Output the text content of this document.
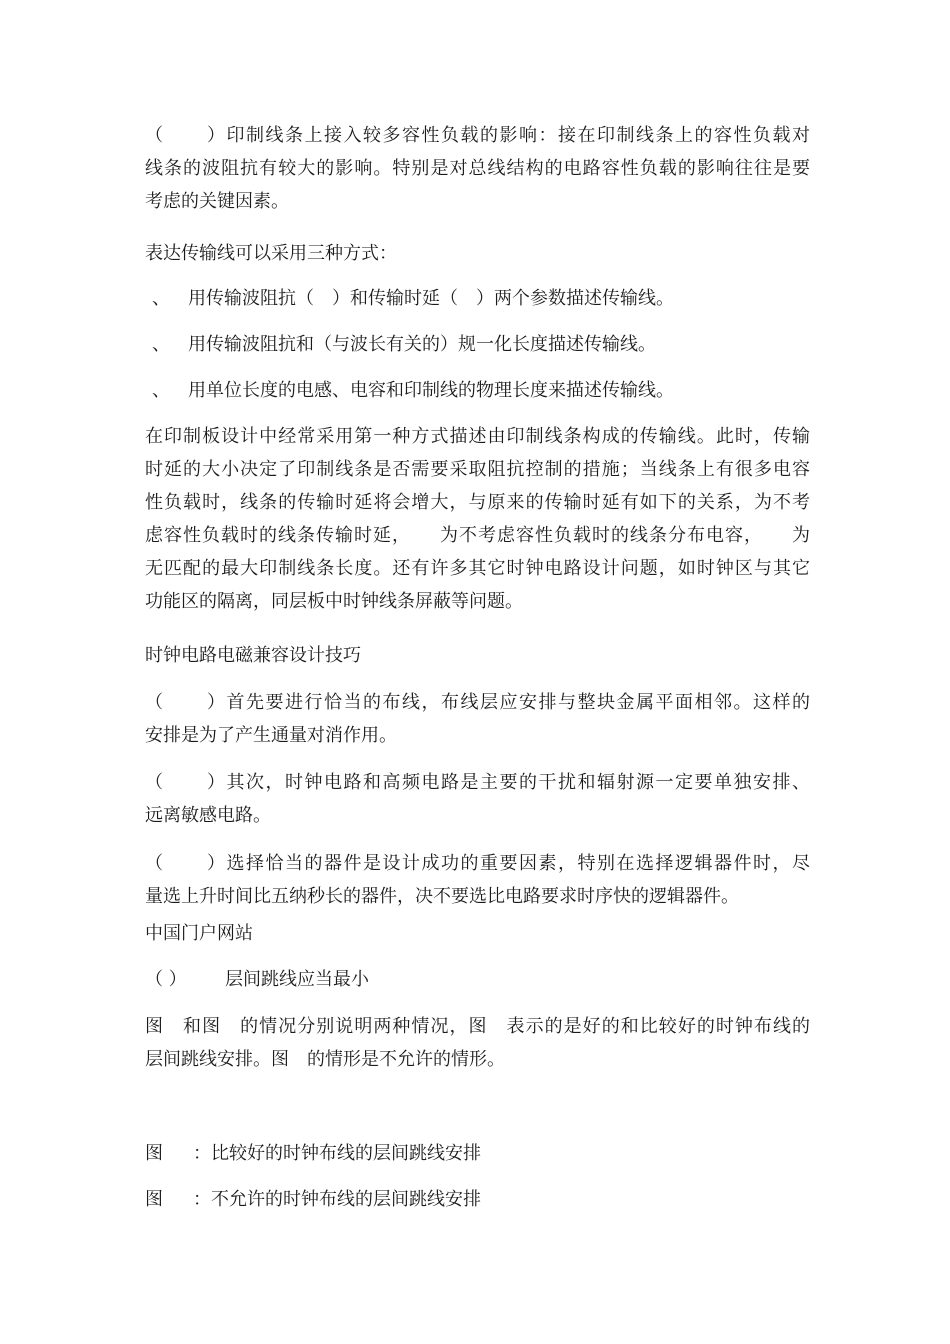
（ ）印制线条上接入较多容性负载的影响：接在印制线条上的容性负载对
线条的波阻抗有较大的影响。特别是对总线结构的电路容性负载的影响往往是要
考虑的关键因素。
表达传输线可以采用三种方式：
、 用传输波阻抗（　）和传输时延（　）两个参数描述传输线。
、 用传输波阻抗和（与波长有关的）规一化长度描述传输线。
、 用单位长度的电感、电容和印制线的物理长度来描述传输线。
在印制板设计中经常采用第一种方式描述由印制线条构成的传输线。此时，传输
时延的大小决定了印制线条是否需要采取阻抗控制的措施；当线条上有很多电容
性负载时，线条的传输时延将会增大，与原来的传输时延有如下的关系，为不考
虑容性负载时的线条传输时延，　　为不考虑容性负载时的线条分布电容，　　为
无匹配的最大印制线条长度。还有许多其它时钟电路设计问题，如时钟区与其它
功能区的隔离，同层板中时钟线条屏蔽等问题。
时钟电路电磁兼容设计技巧
（ ）首先要进行恰当的布线，布线层应安排与整块金属平面相邻。这样的
安排是为了产生通量对消作用。
（ ）其次，时钟电路和高频电路是主要的干扰和辐射源一定要单独安排、
远离敏感电路。
（ ）选择恰当的器件是设计成功的重要因素，特别在选择逻辑器件时，尽
量选上升时间比五纳秒长的器件，决不要选比电路要求时序快的逻辑器件。
中国门户网站
（ ） 层间跳线应当最小
图　和图　的情况分别说明两种情况，图　表示的是好的和比较好的时钟布线的
层间跳线安排。图　的情形是不允许的情形。
图 ：比较好的时钟布线的层间跳线安排
图 ：不允许的时钟布线的层间跳线安排
